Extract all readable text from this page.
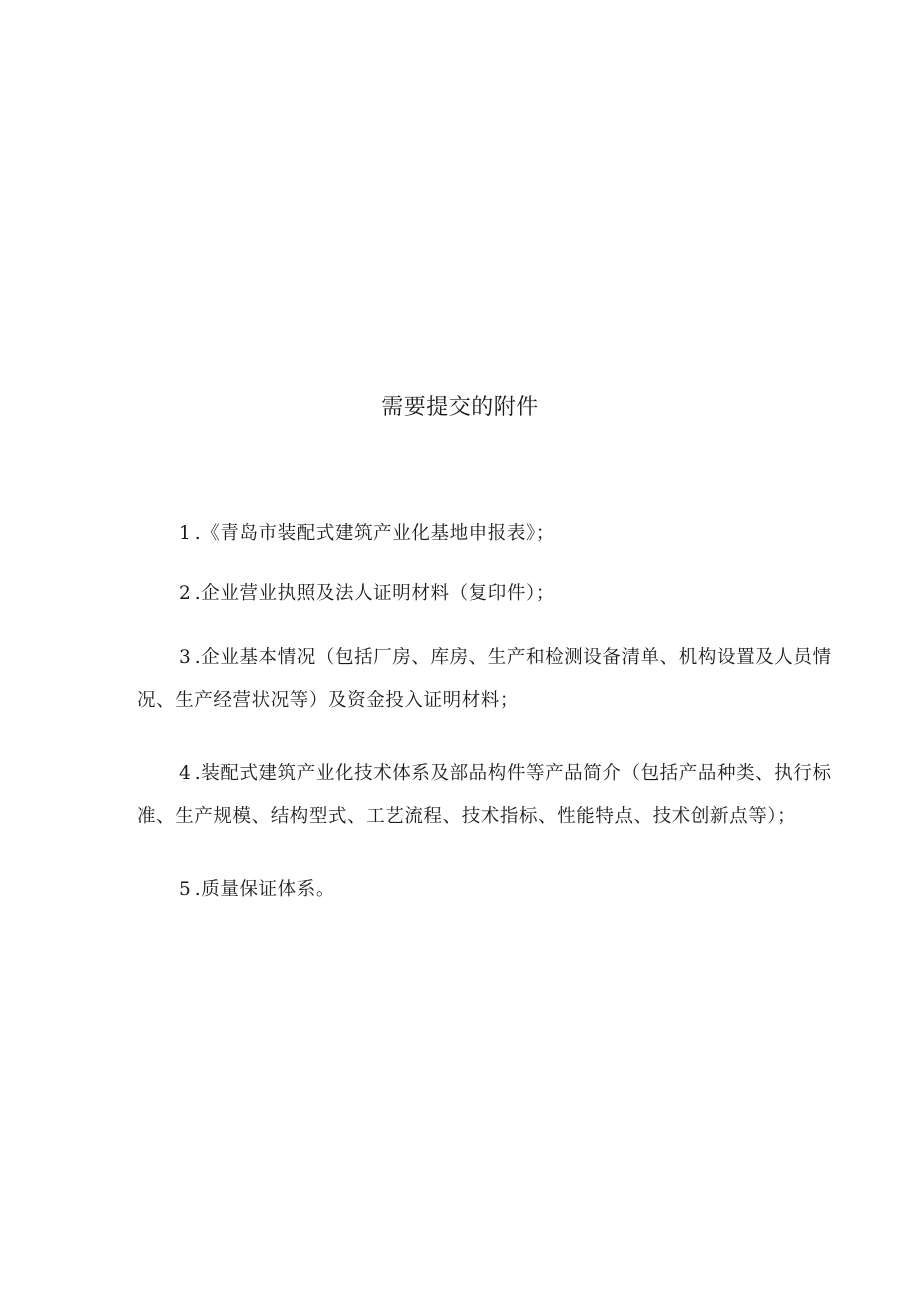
需要提交的附件

1.《青岛市装配式建筑产业化基地申报表》；

2.企业营业执照及法人证明材料（复印件）；

3.企业基本情况（包括厂房、库房、生产和检测设备清单、机构设置及人员情况、生产经营状况等）及资金投入证明材料；

4.装配式建筑产业化技术体系及部品构件等产品简介（包括产品种类、执行标准、生产规模、结构型式、工艺流程、技术指标、性能特点、技术创新点等）；

5.质量保证体系。
